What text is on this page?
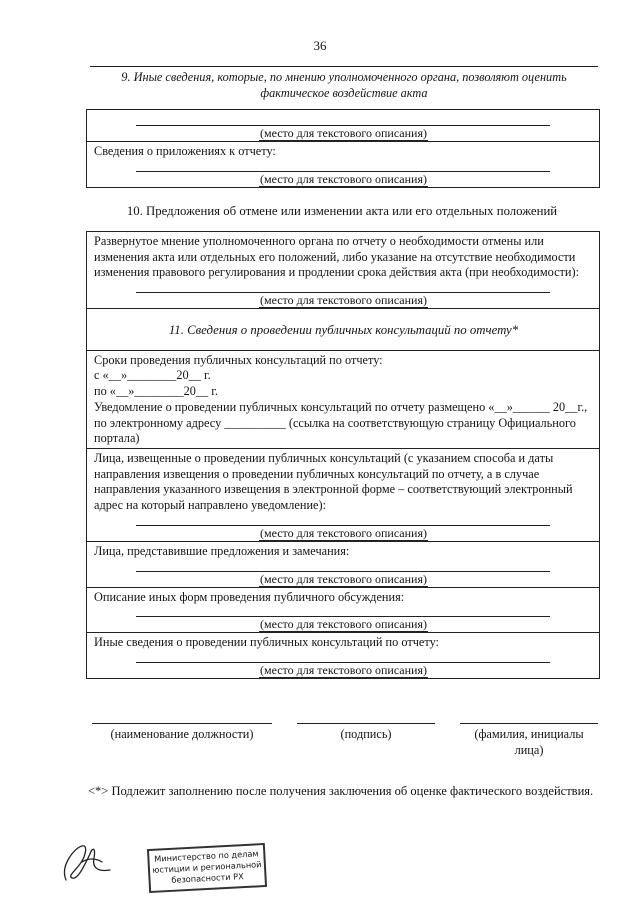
36
9. Иные сведения, которые, по мнению уполномоченного органа, позволяют оценить фактическое воздействие акта
(место для текстового описания)
Сведения о приложениях к отчету:
(место для текстового описания)
10. Предложения об отмене или изменении акта или его отдельных положений
Развернутое мнение уполномоченного органа по отчету о необходимости отмены или изменения акта или отдельных его положений, либо указание на отсутствие необходимости изменения правового регулирования и продлении срока действия акта (при необходимости):
(место для текстового описания)
11. Сведения о проведении публичных консультаций по отчету*
Сроки проведения публичных консультаций по отчету:
с «__»________20__ г.
по «__»________20__ г.
Уведомление о проведении публичных консультаций по отчету размещено «__»______ 20__г., по электронному адресу __________ (ссылка на соответствующую страницу Официального портала)
Лица, извещенные о проведении публичных консультаций (с указанием способа и даты направления извещения о проведении публичных консультаций по отчету, а в случае направления указанного извещения в электронной форме – соответствующий электронный адрес на который направлено уведомление):
(место для текстового описания)
Лица, представившие предложения и замечания:
(место для текстового описания)
Описание иных форм проведения публичного обсуждения:
(место для текстового описания)
Иные сведения о проведении публичных консультаций по отчету:
(место для текстового описания)
(наименование должности)	(подпись)	(фамилия, инициалы лица)
<*> Подлежит заполнению после получения заключения об оценке фактического воздействия.
Министерство по делам юстиции и региональной безопасности РХ
